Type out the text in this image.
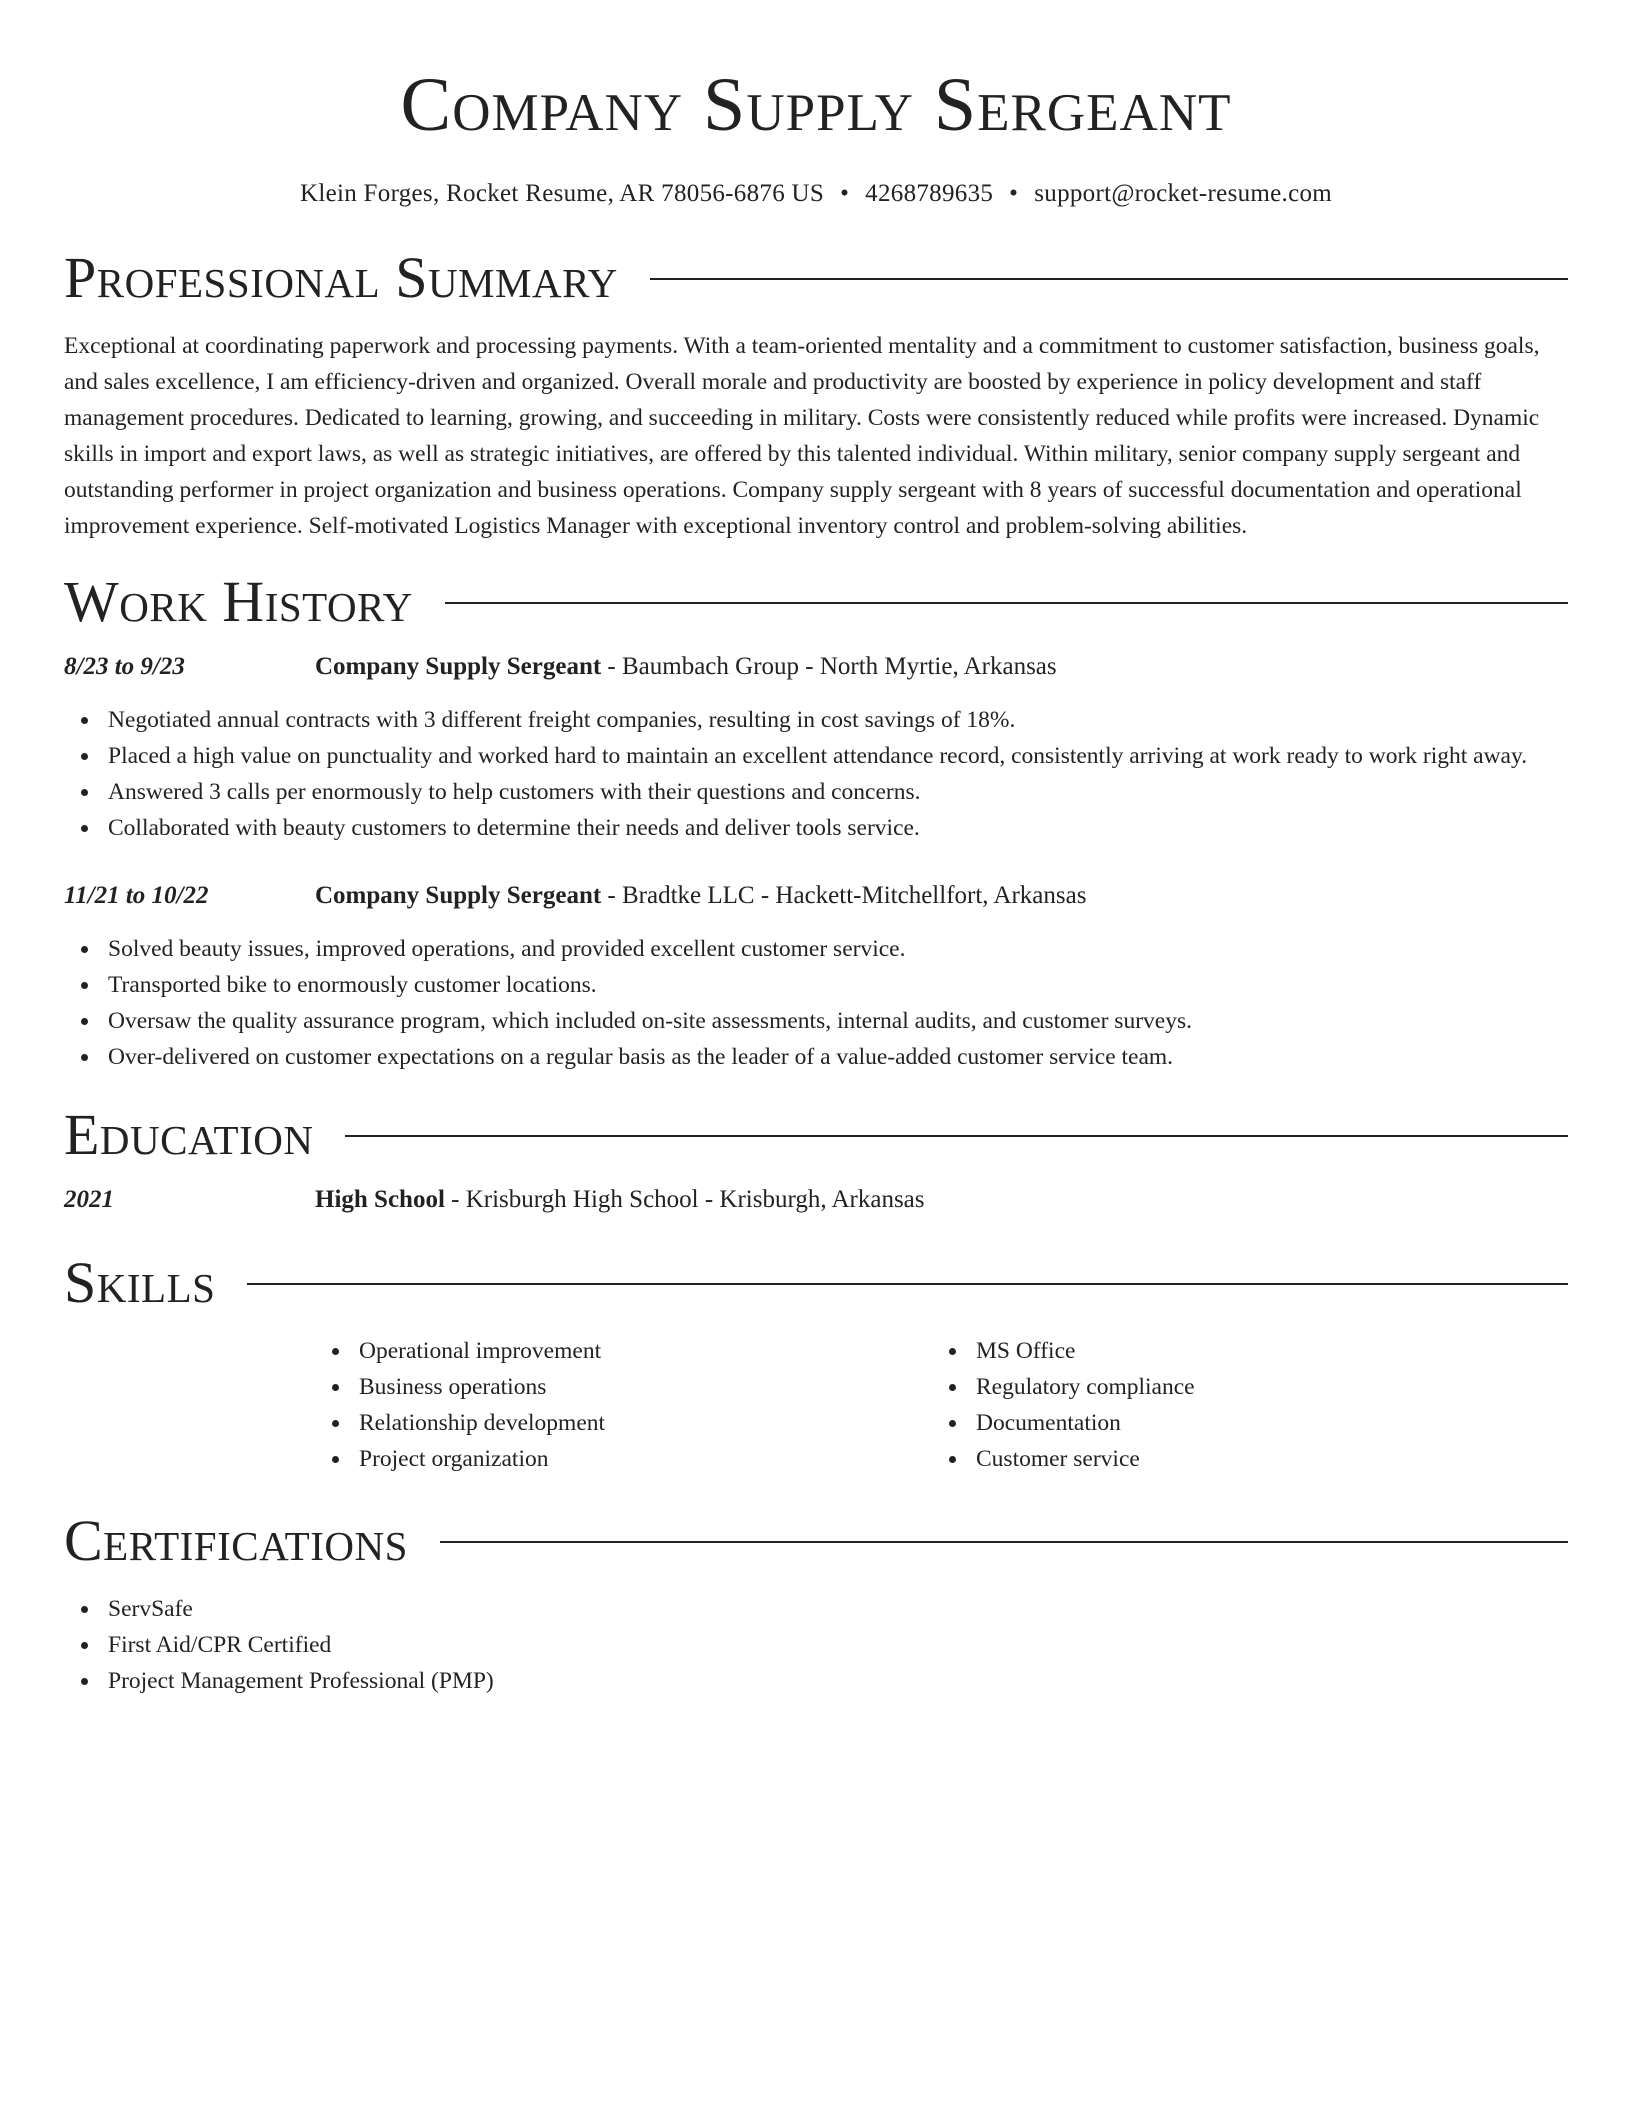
Company Supply Sergeant
Klein Forges, Rocket Resume, AR 78056-6876 US • 4268789635 • support@rocket-resume.com
Professional Summary

Exceptional at coordinating paperwork and processing payments. With a team-oriented mentality and a commitment to customer satisfaction, business goals, and sales excellence, I am efficiency-driven and organized. Overall morale and productivity are boosted by experience in policy development and staff management procedures. Dedicated to learning, growing, and succeeding in military. Costs were consistently reduced while profits were increased. Dynamic skills in import and export laws, as well as strategic initiatives, are offered by this talented individual. Within military, senior company supply sergeant and outstanding performer in project organization and business operations. Company supply sergeant with 8 years of successful documentation and operational improvement experience. Self-motivated Logistics Manager with exceptional inventory control and problem-solving abilities.

Work History
8/23 to 9/23	Company Supply Sergeant - Baumbach Group - North Myrtie, Arkansas
Negotiated annual contracts with 3 different freight companies, resulting in cost savings of 18%.
Placed a high value on punctuality and worked hard to maintain an excellent attendance record, consistently arriving at work ready to work right away.
Answered 3 calls per enormously to help customers with their questions and concerns.
Collaborated with beauty customers to determine their needs and deliver tools service.
11/21 to 10/22	Company Supply Sergeant - Bradtke LLC - Hackett-Mitchellfort, Arkansas
Solved beauty issues, improved operations, and provided excellent customer service.
Transported bike to enormously customer locations.
Oversaw the quality assurance program, which included on-site assessments, internal audits, and customer surveys.
Over-delivered on customer expectations on a regular basis as the leader of a value-added customer service team.
Education
2021	High School - Krisburgh High School - Krisburgh, Arkansas
Skills
Operational improvement
Business operations
Relationship development
Project organization
MS Office
Regulatory compliance
Documentation
Customer service
Certifications
ServSafe
First Aid/CPR Certified
Project Management Professional (PMP)
